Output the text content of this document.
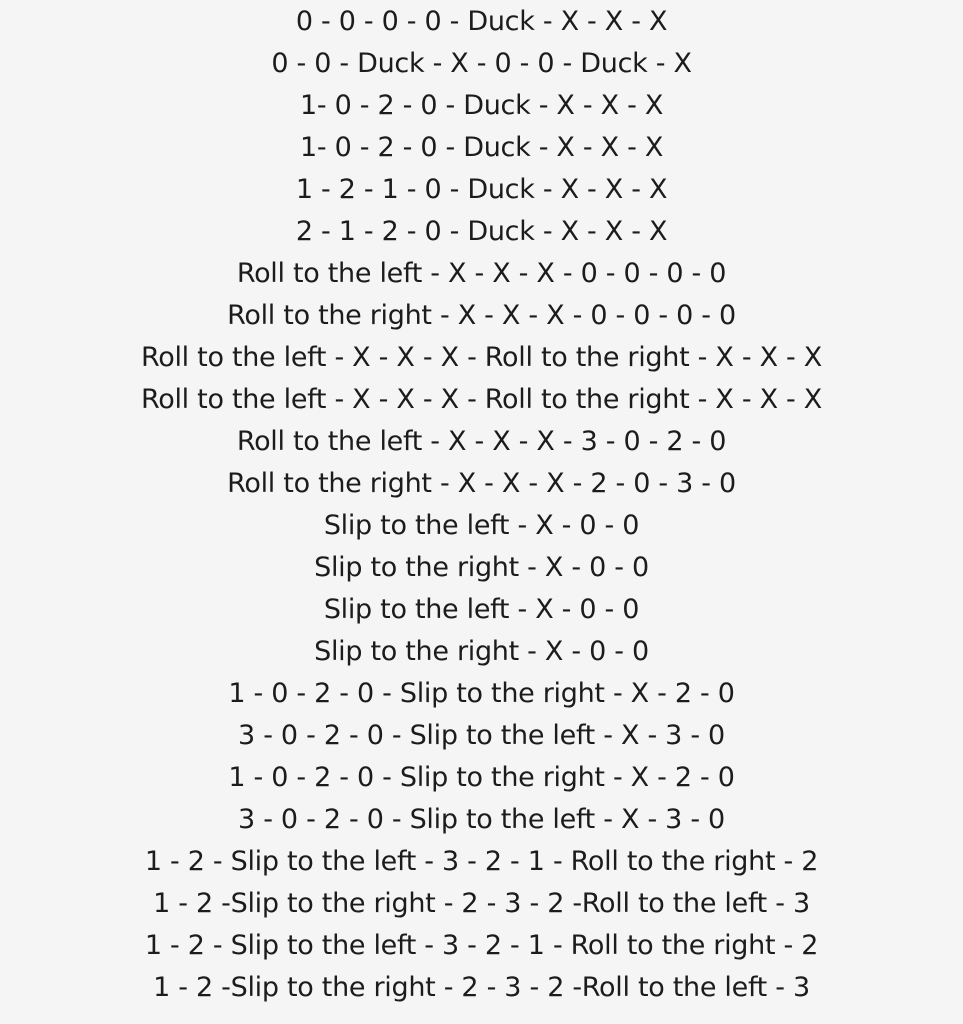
0 - 0 - 0 - 0 - Duck - X - X - X
0 - 0 - Duck - X - 0 - 0 - Duck - X
1- 0 - 2 - 0 - Duck - X - X - X
1- 0 - 2 - 0 - Duck - X - X - X
1 - 2 - 1 - 0 - Duck - X - X - X
2 - 1 - 2 - 0 - Duck - X - X - X
Roll to the left - X - X - X - 0 - 0 - 0 - 0
Roll to the right - X - X - X - 0 - 0 - 0 - 0
Roll to the left - X - X - X - Roll to the right - X - X - X
Roll to the left - X - X - X - Roll to the right - X - X - X
Roll to the left - X - X - X - 3 - 0 - 2 - 0
Roll to the right - X - X - X - 2 - 0 - 3 - 0
Slip to the left - X - 0 - 0
Slip to the right - X - 0 - 0
Slip to the left - X - 0 - 0
Slip to the right - X - 0 - 0
1 - 0 - 2 - 0 - Slip to the right - X - 2 - 0
3 - 0 - 2 - 0 - Slip to the left - X - 3 - 0
1 - 0 - 2 - 0 - Slip to the right - X - 2 - 0
3 - 0 - 2 - 0 - Slip to the left - X - 3 - 0
1 - 2 - Slip to the left - 3 - 2 - 1 - Roll to the right - 2
1 - 2 -Slip to the right - 2 - 3 - 2 -Roll to the left - 3
1 - 2 - Slip to the left - 3 - 2 - 1 - Roll to the right - 2
1 - 2 -Slip to the right - 2 - 3 - 2 -Roll to the left - 3
